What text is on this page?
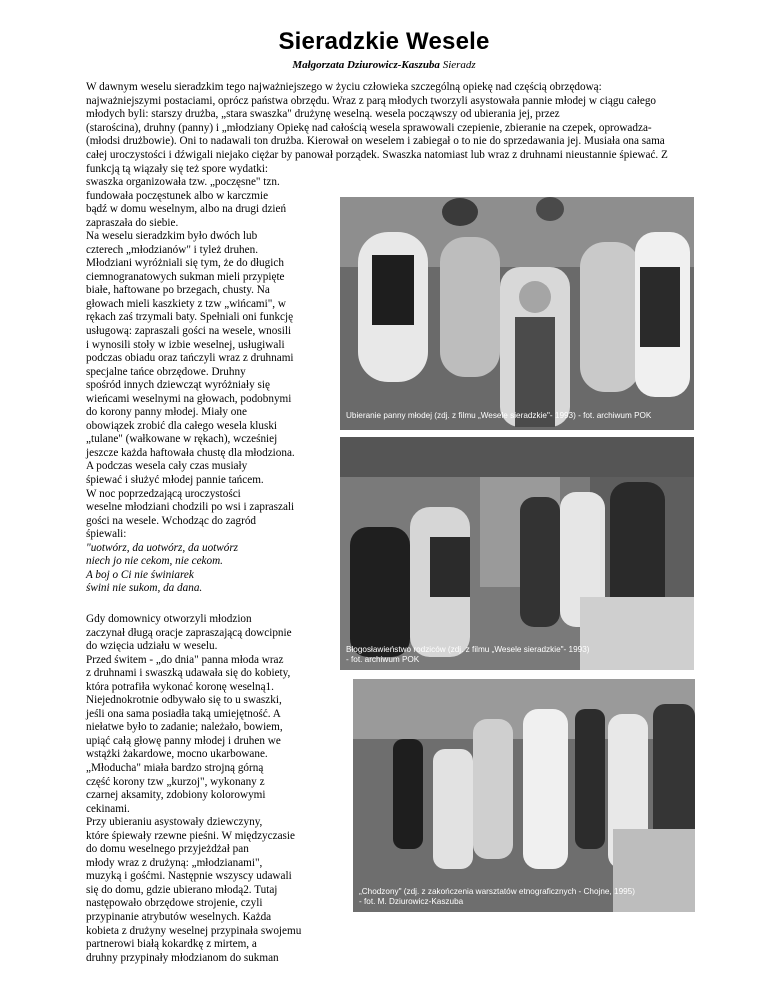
Sieradzkie Wesele
Małgorzata Dziurowicz-Kaszuba Sieradz

W dawnym weselu sieradzkim tego najważniejszego w życiu człowieka szczególną opiekę nad częścią obrzędową:

najważniejszymi postaciami, oprócz państwa obrzędu. Wraz z parą młodych tworzyli asystowała pannie młodej w ciągu całego

młodych byli: starszy drużba, „stara swaszka" drużynę weselną. wesela począwszy od ubierania jej, przez

(starościna), druhny (panny) i „młodziany Opiekę nad całością wesela sprawowali czepienie, zbieranie na czepek, oprowadza-

(młodsi drużbowie). Oni to nadawali ton drużba. Kierował on weselem i zabiegał o to nie do sprzedawania jej. Musiała ona sama

całej uroczystości i dźwigali niejako ciężar by panował porządek. Swaszka natomiast lub wraz z druhnami nieustannie śpiewać. Z

funkcją tą wiązały się też spore wydatki:

swaszka organizowała tzw. „poczęsne" tzn.
fundowała poczęstunek albo w karczmie
bądź w domu weselnym, albo na drugi dzień
zapraszała do siebie.
Na weselu sieradzkim było dwóch lub
czterech „młodzianów" i tyleż druhen.
Młodziani wyróżniali się tym, że do długich
ciemnogranatowych sukman mieli przypięte
białe, haftowane po brzegach, chusty. Na
głowach mieli kaszkiety z tzw „wińcami", w
rękach zaś trzymali baty. Spełniali oni funkcję
usługową: zapraszali gości na wesele, wnosili
i wynosili stoły w izbie weselnej, usługiwali
podczas obiadu oraz tańczyli wraz z druhnami
specjalne tańce obrzędowe. Druhny
spośród innych dziewcząt wyróżniały się
wieńcami weselnymi na głowach, podobnymi
do korony panny młodej. Miały one
obowiązek zrobić dla całego wesela kluski
„tulane" (wałkowane w rękach), wcześniej
jeszcze każda haftowała chustę dla młodziona.
A podczas wesela cały czas musiały
śpiewać i służyć młodej pannie tańcem.
W noc poprzedzającą uroczystości
weselne młodziani chodzili po wsi i zapraszali
gości na wesele. Wchodząc do zagród
śpiewali:
"uotwórz, da uotwórz, da uotwórz
niech jo nie cekom, nie cekom.
A boj o Ci nie świniarek
świni nie sukom, da dana.
Gdy domownicy otworzyli młodzion
zaczynał długą oracje zapraszającą dowcipnie
do wzięcia udziału w weselu.
Przed świtem - „do dnia" panna młoda wraz
z druhnami i swaszką udawała się do kobiety,
która potrafiła wykonać koronę weselną1.
Niejednokrotnie odbywało się to u swaszki,
jeśli ona sama posiadła taką umiejętność. A
niełatwe było to zadanie; należało, bowiem,
upiąć całą głowę panny młodej i druhen we
wstążki żakardowe, mocno ukarbowane.
„Młoducha" miała bardzo strojną górną
część korony tzw „kurzoj", wykonany z
czarnej aksamity, zdobiony kolorowymi
cekinami.
Przy ubieraniu asystowały dziewczyny,
które śpiewały rzewne pieśni. W międzyczasie
do domu weselnego przyjeżdżał pan
młody wraz z drużyną: „młodzianami",
muzyką i gośćmi. Następnie wszyscy udawali
się do domu, gdzie ubierano młodą2. Tutaj
następowało obrzędowe strojenie, czyli
przypinanie atrybutów weselnych. Każda
kobieta z drużyny weselnej przypinała swojemu
partnerowi białą kokardkę z mirtem, a
druhny przypinały młodzianom do sukman
Ubieranie panny młodej (zdj. z filmu „Wesele sieradzkie"- 1993) - fot. archiwum POK
Błogosławieństwo rodziców (zdj. z filmu „Wesele sieradzkie"- 1993)
- fot. archiwum POK
„Chodzony" (zdj. z zakończenia warsztatów etnograficznych - Chojne, 1995)
- fot. M. Dziurowicz-Kaszuba
